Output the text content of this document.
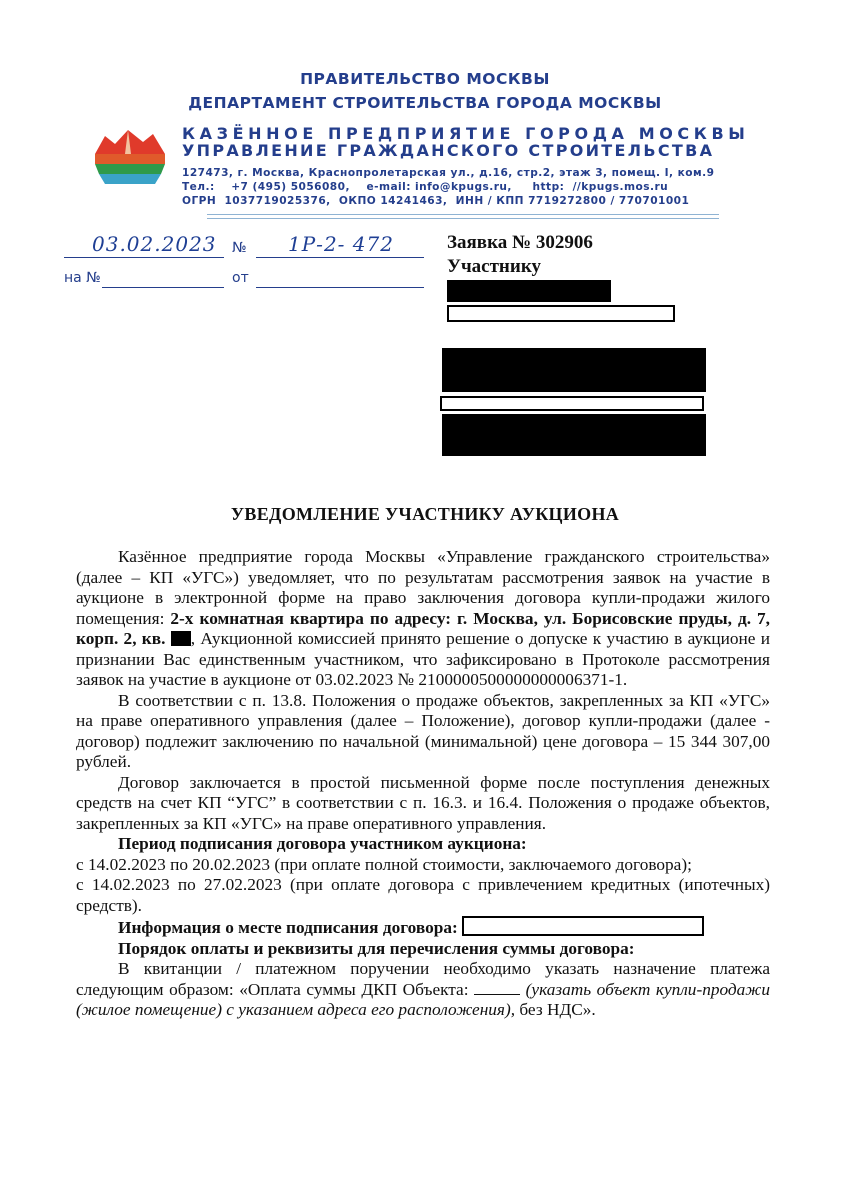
ПРАВИТЕЛЬСТВО МОСКВЫ
ДЕПАРТАМЕНТ СТРОИТЕЛЬСТВА ГОРОДА МОСКВЫ
КАЗЁННОЕ ПРЕДПРИЯТИЕ ГОРОДА МОСКВЫ
УПРАВЛЕНИЕ ГРАЖДАНСКОГО СТРОИТЕЛЬСТВА
127473, г. Москва, Краснопролетарская ул., д.16, стр.2, этаж 3, помещ. I, ком.9
Тел.:    +7 (495) 5056080,    e-mail: info@kpugs.ru,     http:  //kpugs.mos.ru
ОГРН  1037719025376,  ОКПО 14241463,  ИНН / КПП 7719272800 / 770701001
03.02.2023 № 1Р-2- 472
на №	от
Заявка № 302906
Участнику
УВЕДОМЛЕНИЕ УЧАСТНИКУ АУКЦИОНА

Казённое предприятие города Москвы «Управление гражданского строительства» (далее – КП «УГС») уведомляет, что по результатам рассмотрения заявок на участие в аукционе в электронной форме на право заключения договора купли-продажи жилого помещения: 2-х комнатная квартира по адресу: г. Москва, ул. Борисовские пруды, д. 7, корп. 2, кв. , Аукционной комиссией принято решение о допуске к участию в аукционе и признании Вас единственным участником, что зафиксировано в Протоколе рассмотрения заявок на участие в аукционе от 03.02.2023 № 2100000500000000006371-1.

В соответствии с п. 13.8. Положения о продаже объектов, закрепленных за КП «УГС» на праве оперативного управления (далее – Положение), договор купли-продажи (далее - договор) подлежит заключению по начальной (минимальной) цене договора – 15 344 307,00 рублей.

Договор заключается в простой письменной форме после поступления денежных средств на счет КП “УГС” в соответствии с п. 16.3. и 16.4. Положения о продаже объектов, закрепленных за КП «УГС» на праве оперативного управления.

Период подписания договора участником аукциона:

с 14.02.2023 по 20.02.2023 (при оплате полной стоимости, заключаемого договора);

с 14.02.2023 по 27.02.2023 (при оплате договора с привлечением кредитных (ипотечных) средств).

Информация о месте подписания договора:

Порядок оплаты и реквизиты для перечисления суммы договора:

В квитанции / платежном поручении необходимо указать назначение платежа следующим образом: «Оплата суммы ДКП Объекта:	(указать объект купли-продажи (жилое помещение) с указанием адреса его расположения), без НДС».
